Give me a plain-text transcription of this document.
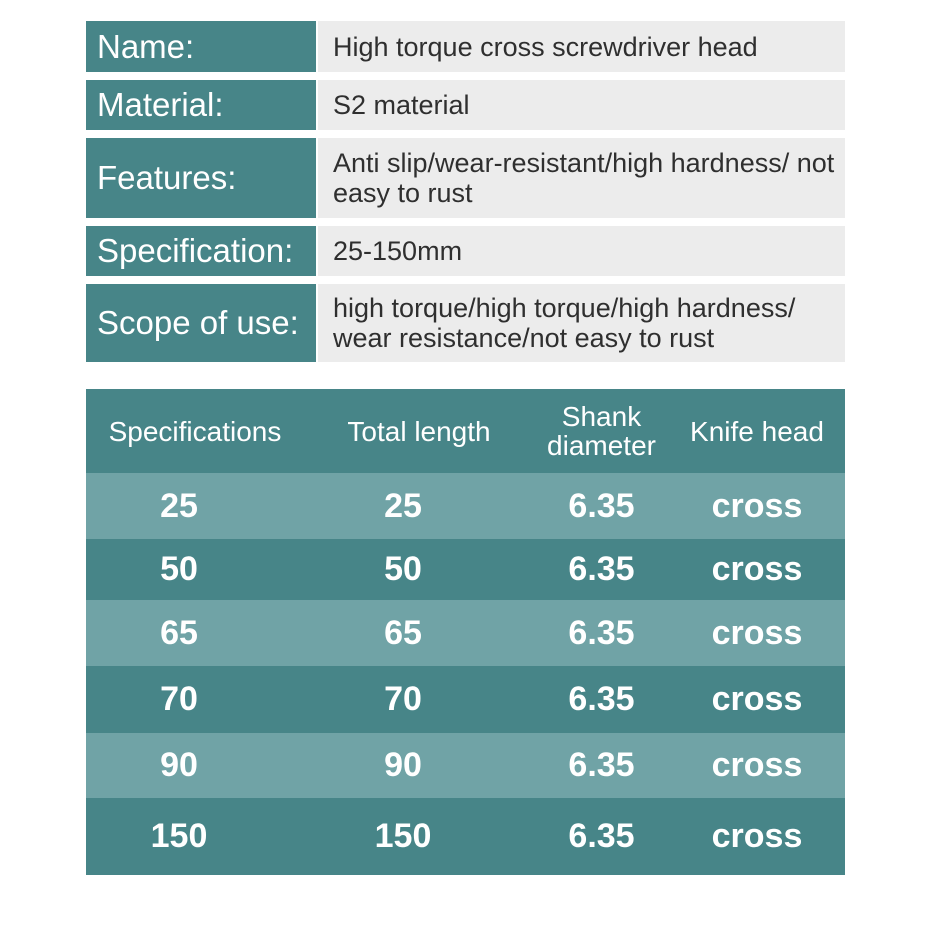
Name:	High torque cross screwdriver head
Material:	S2 material
Features:	Anti slip/wear-resistant/high hardness/ not easy to rust
Specification:	25-150mm
Scope of use:	high torque/high torque/high hardness/ wear resistance/not easy to rust
Specifications	Total length	Shank diameter	Knife head
25	25	6.35	cross
50	50	6.35	cross
65	65	6.35	cross
70	70	6.35	cross
90	90	6.35	cross
150	150	6.35	cross
